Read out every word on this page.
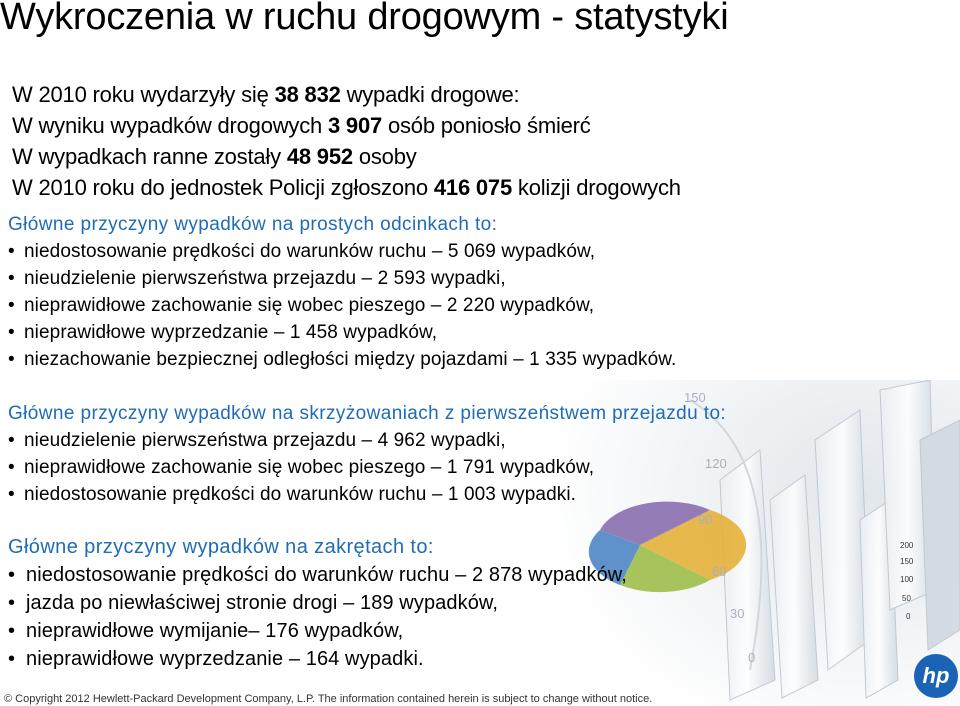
Wykroczenia w ruchu drogowym - statystyki
150
120
90
60
30
0
200
150
100
50
0
W 2010 roku wydarzyły się 38 832 wypadki drogowe:
W wyniku wypadków drogowych 3 907 osób poniosło śmierć
W wypadkach ranne zostały 48 952 osoby
W 2010 roku do jednostek Policji zgłoszono 416 075 kolizji drogowych
Główne przyczyny wypadków na prostych odcinkach to:
• niedostosowanie prędkości do warunków ruchu – 5 069 wypadków,
• nieudzielenie pierwszeństwa przejazdu – 2 593 wypadki,
• nieprawidłowe zachowanie się wobec pieszego – 2 220 wypadków,
• nieprawidłowe wyprzedzanie – 1 458 wypadków,
• niezachowanie bezpiecznej odległości między pojazdami – 1 335 wypadków.
Główne przyczyny wypadków na skrzyżowaniach z pierwszeństwem przejazdu to:
• nieudzielenie pierwszeństwa przejazdu – 4 962 wypadki,
• nieprawidłowe zachowanie się wobec pieszego – 1 791 wypadków,
• niedostosowanie prędkości do warunków ruchu – 1 003 wypadki.
Główne przyczyny wypadków na zakrętach to:
• niedostosowanie prędkości do warunków ruchu – 2 878 wypadków,
• jazda po niewłaściwej stronie drogi – 189 wypadków,
• nieprawidłowe wymijanie– 176 wypadków,
• nieprawidłowe wyprzedzanie – 164 wypadki.
© Copyright 2012 Hewlett-Packard Development Company, L.P. The information contained herein is subject to change without notice.
hp
